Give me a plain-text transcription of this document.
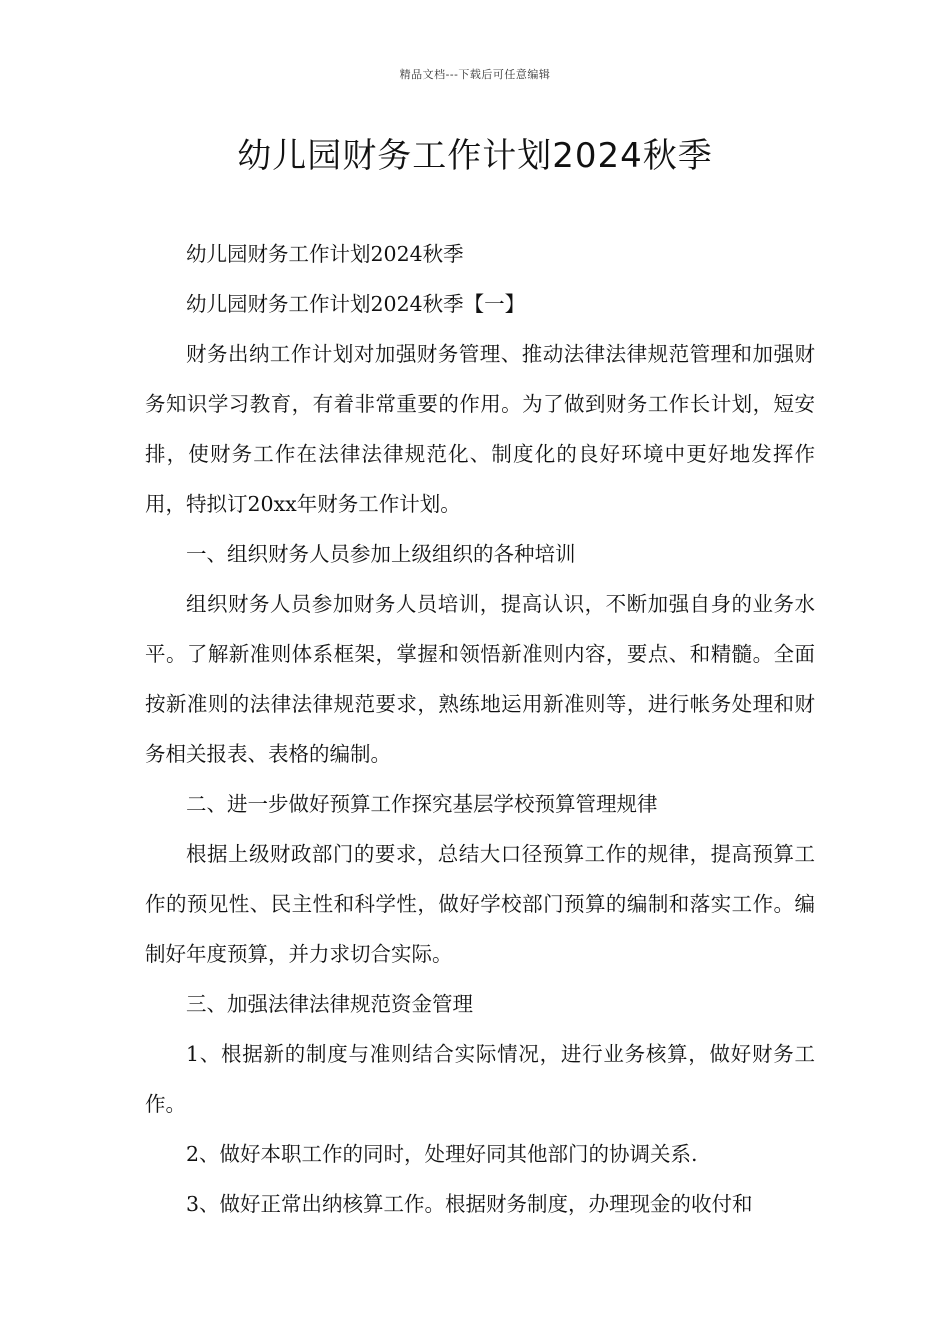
精品文档---下载后可任意编辑
幼儿园财务工作计划2024秋季

幼儿园财务工作计划2024秋季

幼儿园财务工作计划2024秋季【一】

财务出纳工作计划对加强财务管理、推动法律法律规范管理和加强财务知识学习教育，有着非常重要的作用。为了做到财务工作长计划，短安排，使财务工作在法律法律规范化、制度化的良好环境中更好地发挥作用，特拟订20xx年财务工作计划。

一、组织财务人员参加上级组织的各种培训

组织财务人员参加财务人员培训，提高认识，不断加强自身的业务水平。了解新准则体系框架，掌握和领悟新准则内容，要点、和精髓。全面按新准则的法律法律规范要求，熟练地运用新准则等，进行帐务处理和财务相关报表、表格的编制。

二、进一步做好预算工作探究基层学校预算管理规律

根据上级财政部门的要求，总结大口径预算工作的规律，提高预算工作的预见性、民主性和科学性，做好学校部门预算的编制和落实工作。编制好年度预算，并力求切合实际。

三、加强法律法律规范资金管理

1、根据新的制度与准则结合实际情况，进行业务核算，做好财务工作。

2、做好本职工作的同时，处理好同其他部门的协调关系.

3、做好正常出纳核算工作。根据财务制度，办理现金的收付和
